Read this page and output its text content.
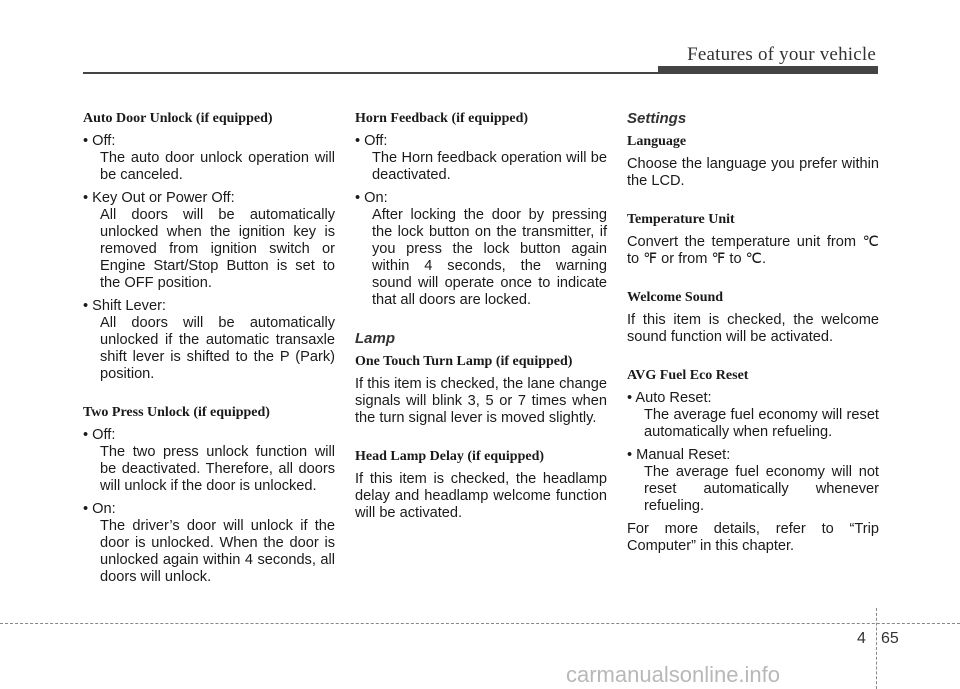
Features of your vehicle

Auto Door Unlock (if equipped)

• Off:

The auto door unlock operation will be canceled.

• Key Out or Power Off:

All doors will be automatically unlocked when the ignition key is removed from ignition switch or Engine Start/Stop Button is set to the OFF position.

• Shift Lever:

All doors will be automatically unlocked if the automatic transaxle shift lever is shifted to the P (Park) position.

Two Press Unlock (if equipped)

• Off:

The two press unlock function will be deactivated. Therefore, all doors will unlock if the door is unlocked.

• On:

The driver’s door will unlock if the door is unlocked. When the door is unlocked again within 4 seconds, all doors will unlock.

Horn Feedback (if equipped)

• Off:

The Horn feedback operation will be deactivated.

• On:

After locking the door by pressing the lock button on the transmitter, if you press the lock button again within 4 seconds, the warning sound will operate once to indicate that all doors are locked.

Lamp

One Touch Turn Lamp (if equipped)

If this item is checked, the lane change signals will blink 3, 5 or 7 times when the turn signal lever is moved slightly.

Head Lamp Delay (if equipped)

If this item is checked, the headlamp delay and headlamp welcome function will be activated.

Settings

Language

Choose the language you prefer within the LCD.

Temperature Unit

Convert the temperature unit from ℃ to ℉ or from ℉ to ℃.

Welcome Sound

If this item is checked, the welcome sound function will be activated.

AVG Fuel Eco Reset

• Auto Reset:

The average fuel economy will reset automatically when refueling.

• Manual Reset:

The average fuel economy will not reset automatically whenever refueling.

For more details, refer to “Trip Computer” in this chapter.

4 65
carmanualsonline.info
